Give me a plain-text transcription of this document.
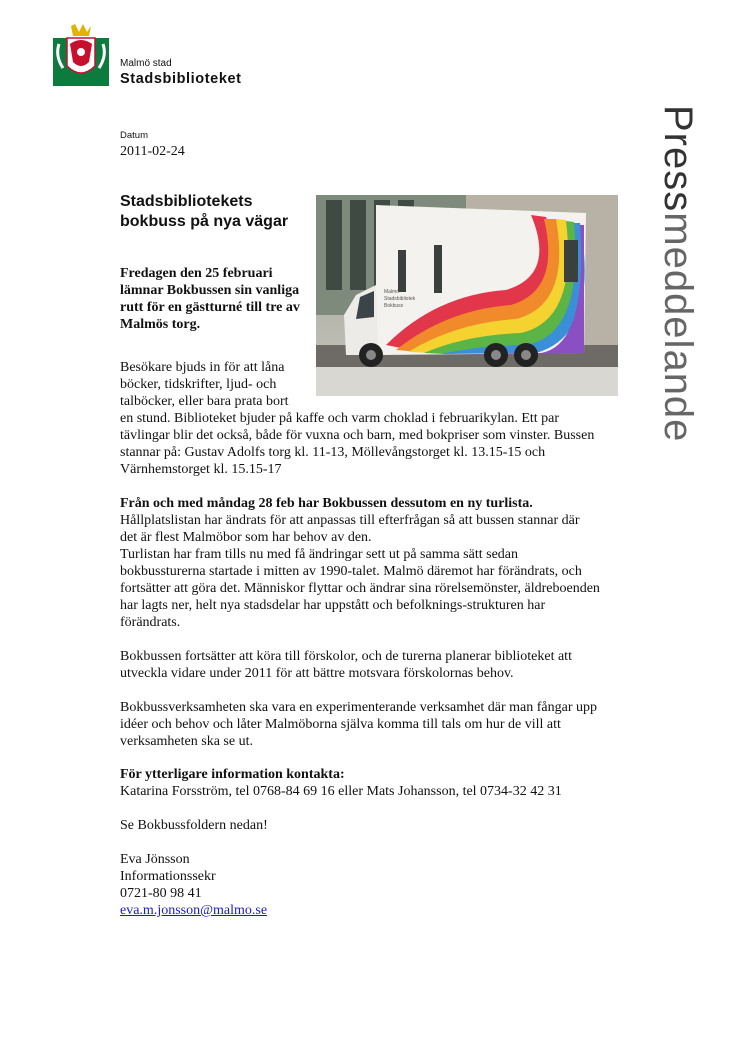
Malmö stad
Stadsbiblioteket
Pressmeddelande
Datum
2011-02-24
Stadsbibliotekets bokbuss på nya vägar
Fredagen den 25 februari lämnar Bokbussen sin vanliga rutt för en gästturné till tre av Malmös torg.
Malmö
Stadsbibliotek
Bokbuss
Besökare bjuds in för att låna böcker, tidskrifter, ljud- och talböcker, eller bara prata bort
en stund. Biblioteket bjuder på kaffe och varm choklad i februarikylan. Ett par tävlingar blir det också, både för vuxna och barn, med bokpriser som vinster. Bussen stannar på: Gustav Adolfs torg kl. 11-13, Möllevångstorget kl. 13.15-15 och Värnhemstorget kl. 15.15-17
Från och med måndag 28 feb har Bokbussen dessutom en ny turlista.
Hållplatslistan har ändrats för att anpassas till efterfrågan så att bussen stannar där det är flest Malmöbor som har behov av den.
Turlistan har fram tills nu med få ändringar sett ut på samma sätt sedan bokbussturerna startade i mitten av 1990-talet. Malmö däremot har förändrats, och fortsätter att göra det. Människor flyttar och ändrar sina rörelsemönster, äldreboenden har lagts ner, helt nya stadsdelar har uppstått och befolknings-strukturen har förändrats.
Bokbussen fortsätter att köra till förskolor, och de turerna planerar biblioteket att utveckla vidare under 2011 för att bättre motsvara förskolornas behov.
Bokbussverksamheten ska vara en experimenterande verksamhet där man fångar upp idéer och behov och låter Malmöborna själva komma till tals om hur de vill att verksamheten ska se ut.
För ytterligare information kontakta:
Katarina Forsström, tel 0768-84 69 16 eller Mats Johansson, tel 0734-32 42 31
Se Bokbussfoldern nedan!
Eva Jönsson
Informationssekr
0721-80 98 41
eva.m.jonsson@malmo.se
